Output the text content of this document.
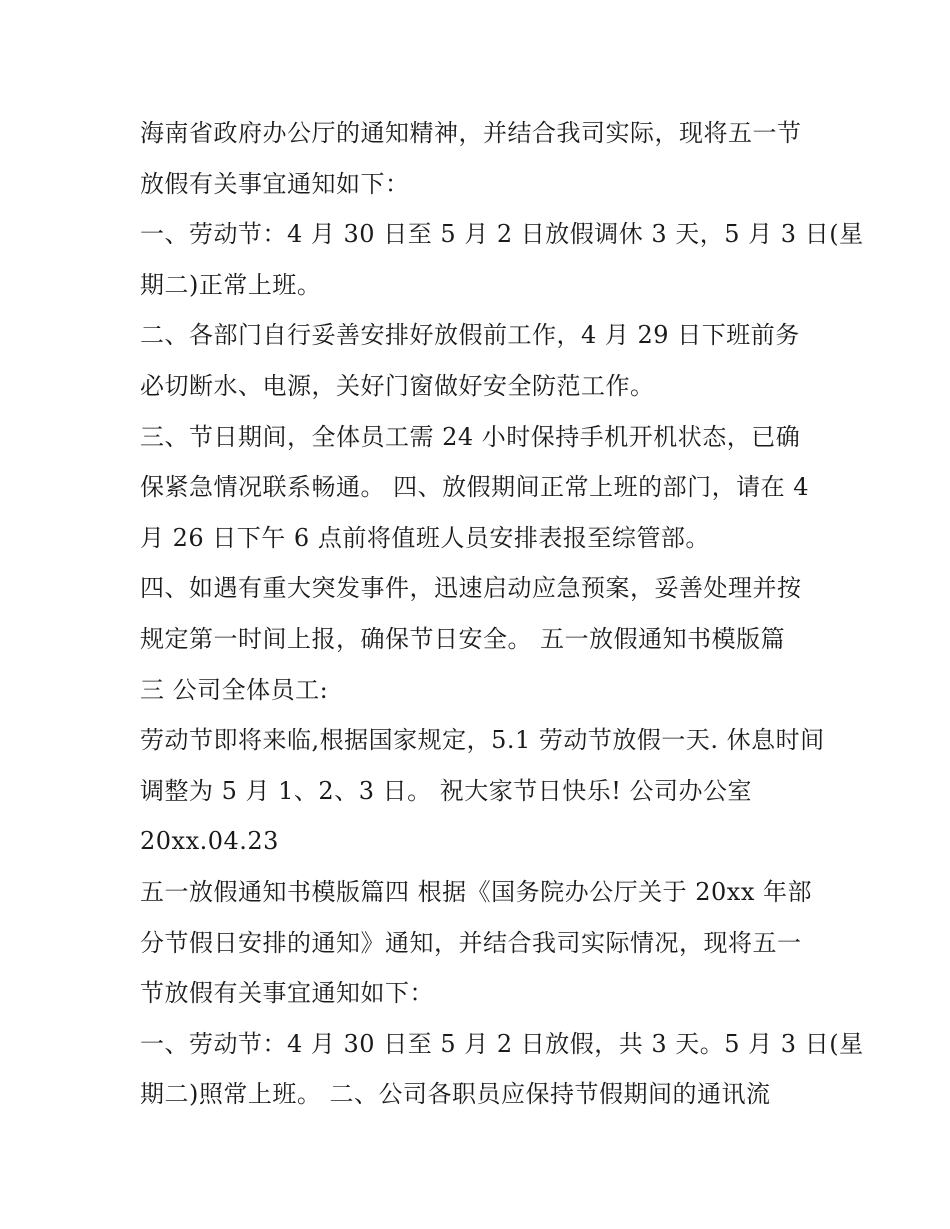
海南省政府办公厅的通知精神，并结合我司实际，现将五一节
放假有关事宜通知如下：
一、劳动节：4 月 30 日至 5 月 2 日放假调休 3 天，5 月 3 日(星
期二)正常上班。
二、各部门自行妥善安排好放假前工作，4 月 29 日下班前务
必切断水、电源，关好门窗做好安全防范工作。
三、节日期间，全体员工需 24 小时保持手机开机状态，已确
保紧急情况联系畅通。 四、放假期间正常上班的部门，请在 4
月 26 日下午 6 点前将值班人员安排表报至综管部。
四、如遇有重大突发事件，迅速启动应急预案，妥善处理并按
规定第一时间上报，确保节日安全。 五一放假通知书模版篇
三 公司全体员工:
劳动节即将来临,根据国家规定，5.1 劳动节放假一天. 休息时间
调整为 5 月 1、2、3 日。 祝大家节日快乐! 公司办公室
20xx.04.23
五一放假通知书模版篇四 根据《国务院办公厅关于 20xx 年部
分节假日安排的通知》通知，并结合我司实际情况，现将五一
节放假有关事宜通知如下：
一、劳动节：4 月 30 日至 5 月 2 日放假，共 3 天。5 月 3 日(星
期二)照常上班。 二、公司各职员应保持节假期间的通讯流
